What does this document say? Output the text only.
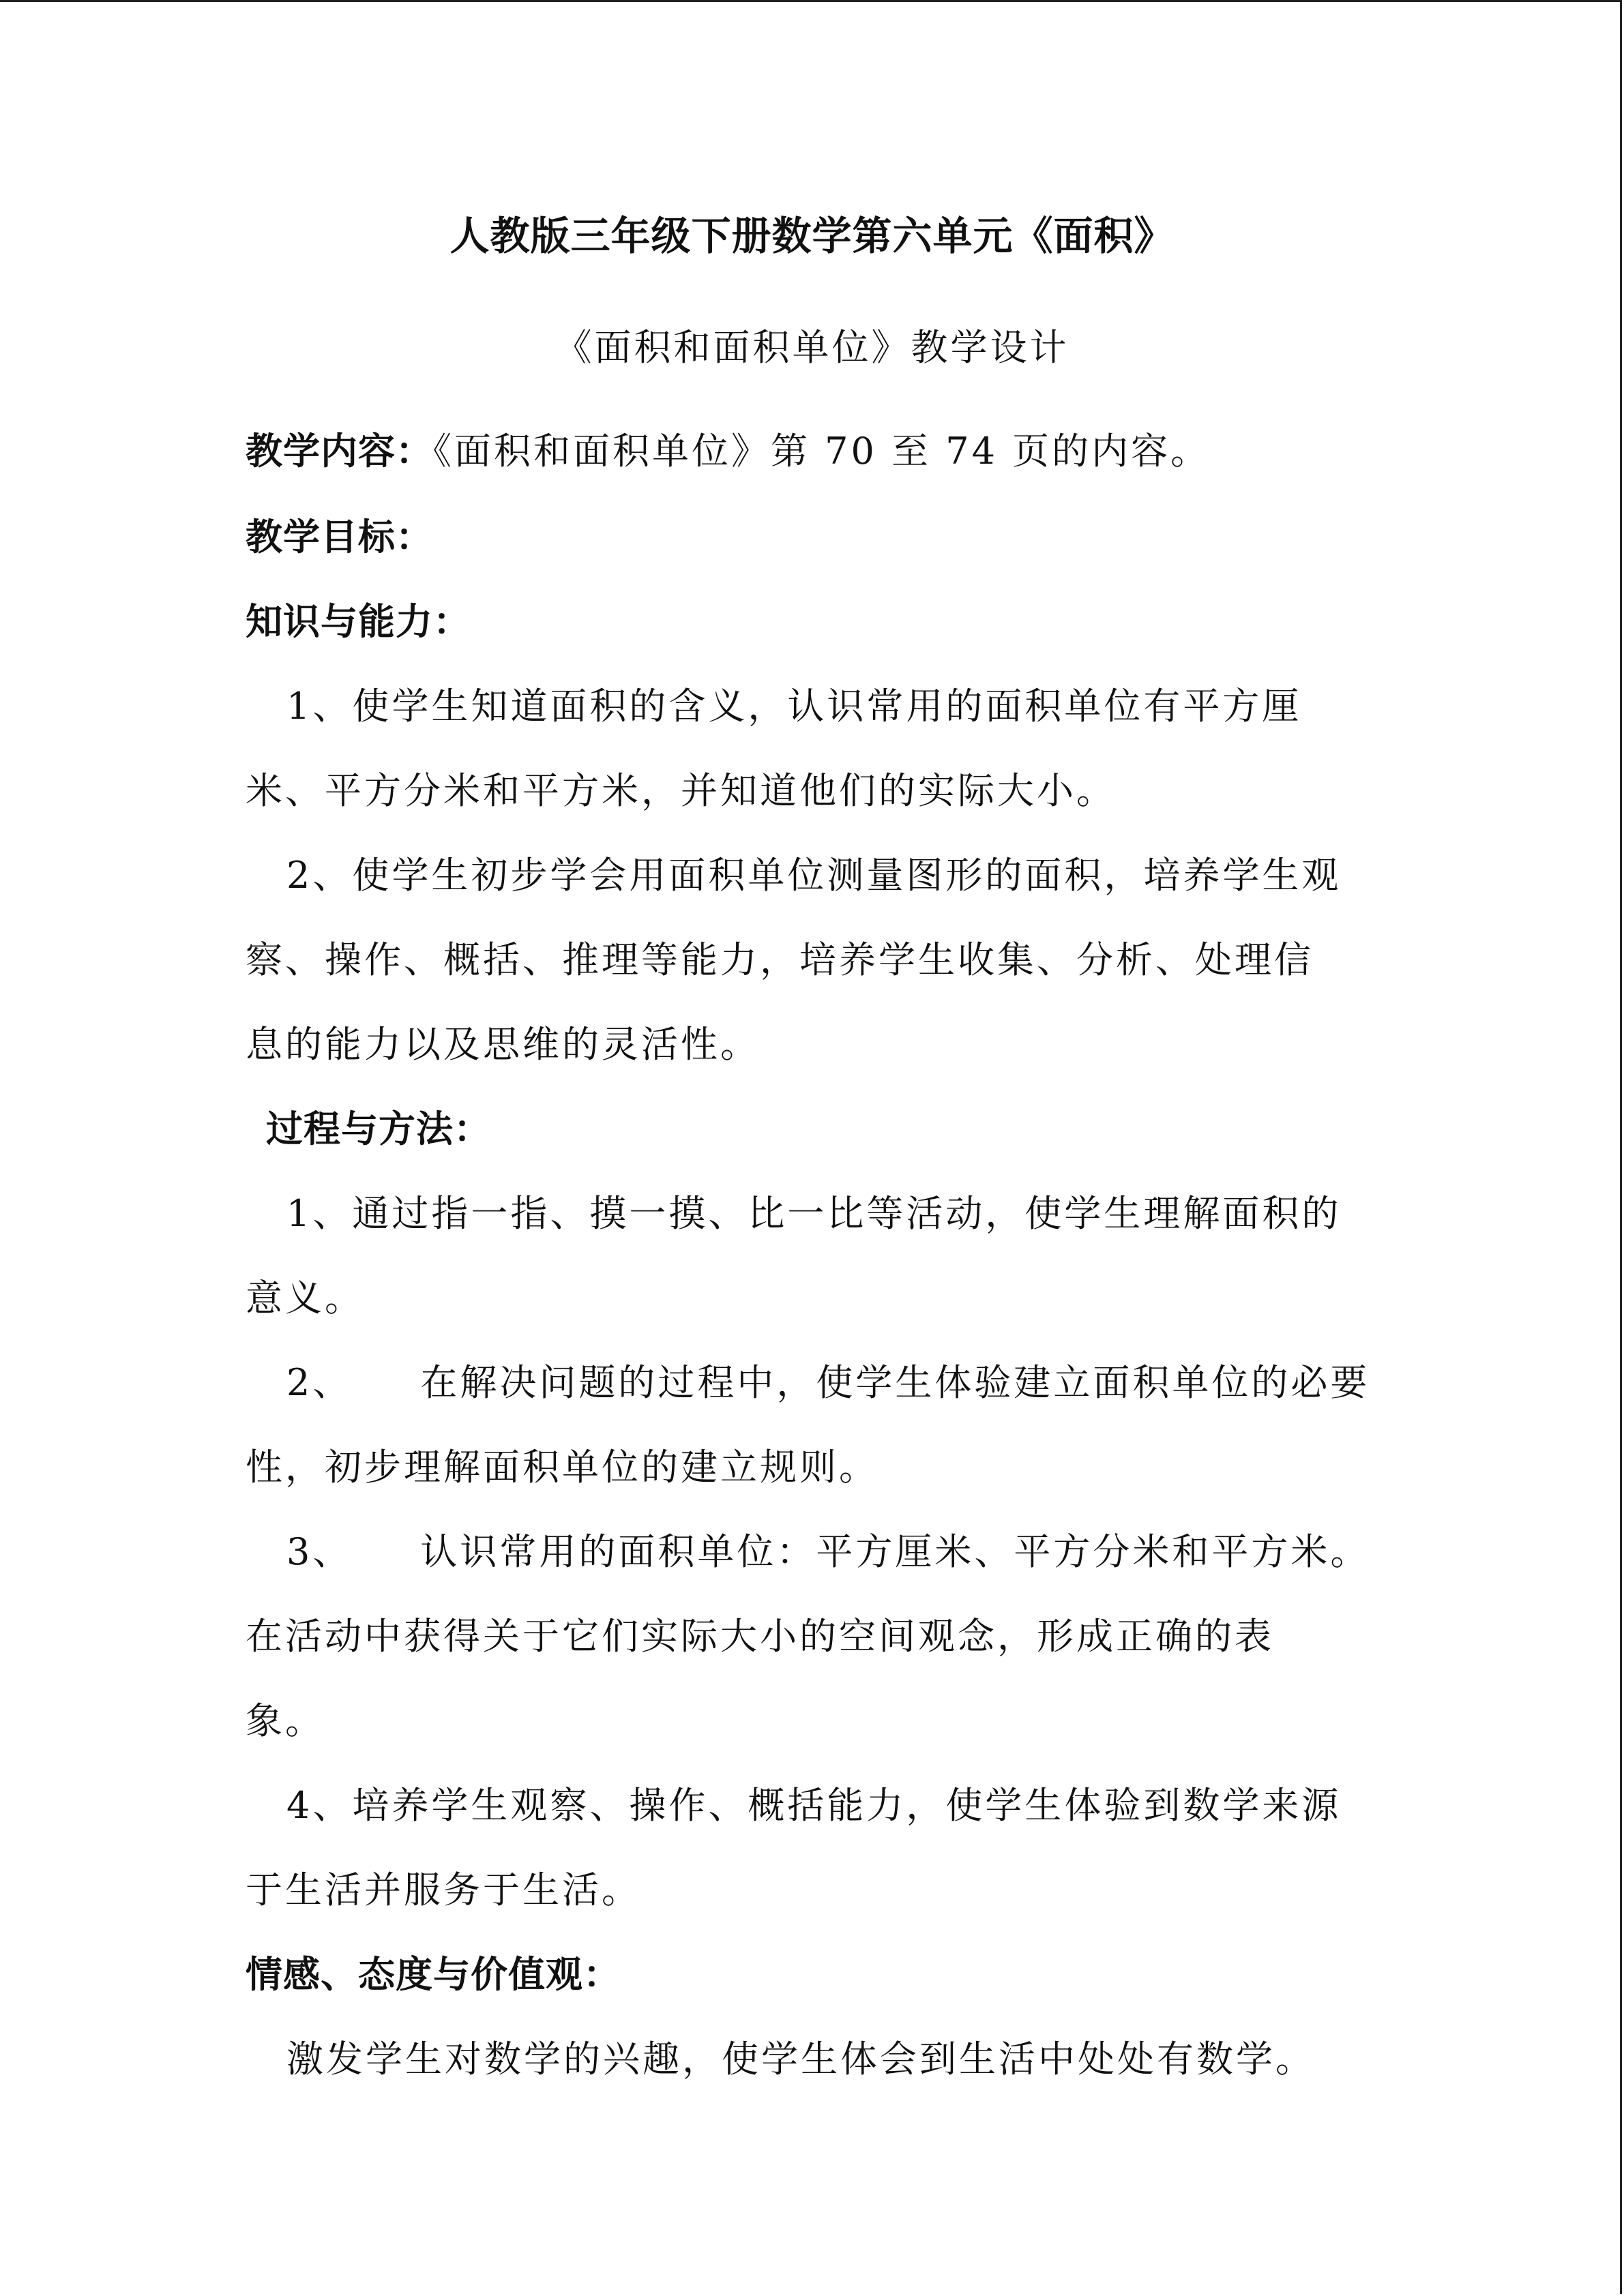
人教版三年级下册数学第六单元《面积》
《面积和面积单位》教学设计
教学内容：《面积和面积单位》第 70 至 74 页的内容。
教学目标：
知识与能力：
1、使学生知道面积的含义，认识常用的面积单位有平方厘
米、平方分米和平方米，并知道他们的实际大小。
2、使学生初步学会用面积单位测量图形的面积，培养学生观
察、操作、概括、推理等能力，培养学生收集、分析、处理信
息的能力以及思维的灵活性。
过程与方法：
1、通过指一指、摸一摸、比一比等活动，使学生理解面积的
意义。
2、 在解决问题的过程中，使学生体验建立面积单位的必要
性，初步理解面积单位的建立规则。
3、 认识常用的面积单位：平方厘米、平方分米和平方米。
在活动中获得关于它们实际大小的空间观念，形成正确的表
象。
4、培养学生观察、操作、概括能力，使学生体验到数学来源
于生活并服务于生活。
情感、态度与价值观：
激发学生对数学的兴趣，使学生体会到生活中处处有数学。
